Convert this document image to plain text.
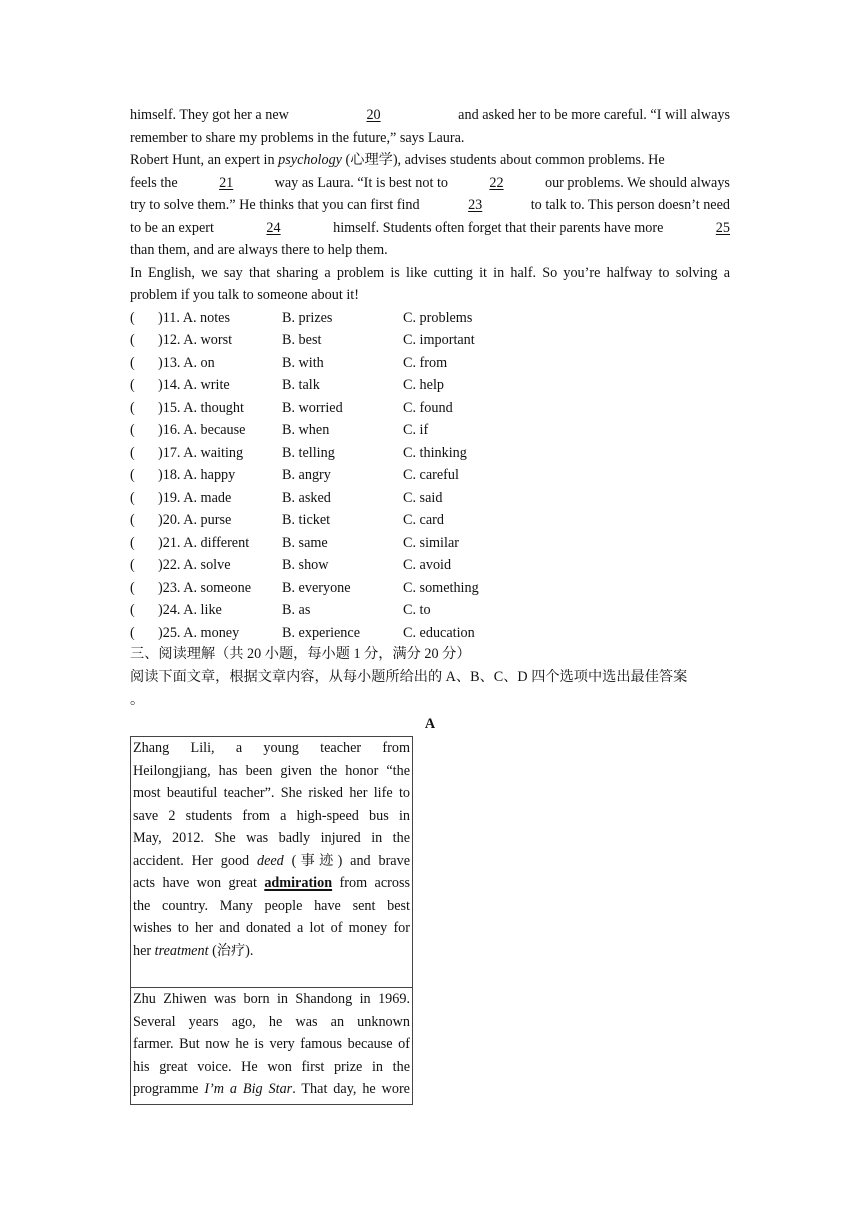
himself. They got her a new	20	and asked her to be more careful. “I will always
remember to share my problems in the future,” says Laura.
Robert Hunt, an expert in psychology (心理学), advises students about common problems. He
feels the	21	way as Laura. “It is best not to	22	our problems. We should always
try to solve them.” He thinks that you can first find	23	to talk to. This person doesn’t need
to be an expert	24	himself. Students often forget that their parents have more	25
than them, and are always there to help them.
In English, we say that sharing a problem is like cutting it in half. So you’re halfway to solving a
problem if you talk to someone about it!
( )11. A. notes	B. prizes	C. problems
( )12. A. worst	B. best	C. important
( )13. A. on	B. with	C. from
( )14. A. write	B. talk	C. help
( )15. A. thought	B. worried	C. found
( )16. A. because	B. when	C. if
( )17. A. waiting	B. telling	C. thinking
( )18. A. happy	B. angry	C. careful
( )19. A. made	B. asked	C. said
( )20. A. purse	B. ticket	C. card
( )21. A. different B. same	C. similar
( )22. A. solve	B. show	C. avoid
( )23. A. someone B. everyone	C. something
( )24. A. like	B. as	C. to
( )25. A. money	B. experience	C. education
三、阅读理解（共 20 小题，每小题 1 分，满分 20 分）
阅读下面文章，根据文章内容，从每小题所给出的 A、B、C、D 四个选项中选出最佳答案
。
A
Zhang Lili, a young teacher from
Heilongjiang, has been given the honor “the
most beautiful teacher”. She risked her life to
save 2 students from a high-speed bus in
May, 2012. She was badly injured in the
accident. Her good deed (事迹) and brave
acts have won great admiration from across
the country. Many people have sent best
wishes to her and donated a lot of money for
her treatment (治疗).
Zhu Zhiwen was born in Shandong in 1969.
Several years ago, he was an unknown
farmer. But now he is very famous because of
his great voice. He won first prize in the
programme I’m a Big Star. That day, he wore
